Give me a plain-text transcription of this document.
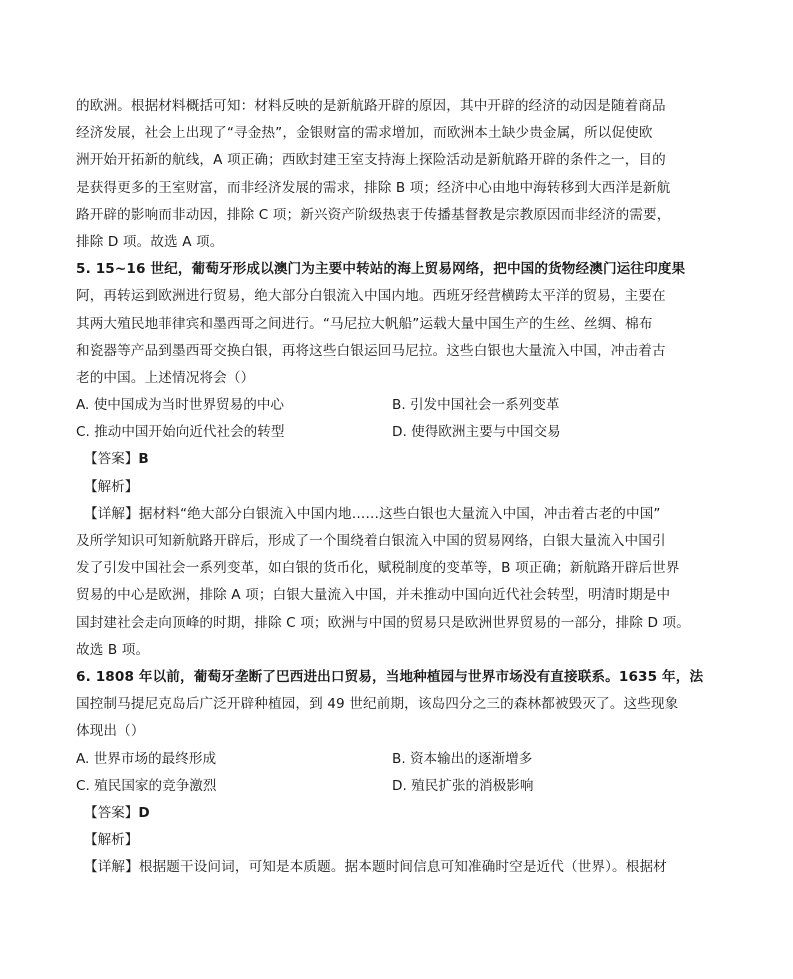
的欧洲。根据材料概括可知：材料反映的是新航路开辟的原因，其中开辟的经济的动因是随着商品
经济发展，社会上出现了“寻金热”，金银财富的需求增加，而欧洲本土缺少贵金属，所以促使欧
洲开始开拓新的航线，A 项正确；西欧封建王室支持海上探险活动是新航路开辟的条件之一，目的
是获得更多的王室财富，而非经济发展的需求，排除 B 项；经济中心由地中海转移到大西洋是新航
路开辟的影响而非动因，排除 C 项；新兴资产阶级热衷于传播基督教是宗教原因而非经济的需要，
排除 D 项。故选 A 项。
5. 15~16 世纪，葡萄牙形成以澳门为主要中转站的海上贸易网络，把中国的货物经澳门运往印度果
阿，再转运到欧洲进行贸易，绝大部分白银流入中国内地。西班牙经营横跨太平洋的贸易，主要在
其两大殖民地菲律宾和墨西哥之间进行。“马尼拉大帆船”运载大量中国生产的生丝、丝绸、棉布
和瓷器等产品到墨西哥交换白银，再将这些白银运回马尼拉。这些白银也大量流入中国，冲击着古
老的中国。上述情况将会（）
A. 使中国成为当时世界贸易的中心	B. 引发中国社会一系列变革
C. 推动中国开始向近代社会的转型	D. 使得欧洲主要与中国交易
【答案】B
【解析】
【详解】据材料“绝大部分白银流入中国内地……这些白银也大量流入中国，冲击着古老的中国”
及所学知识可知新航路开辟后，形成了一个围绕着白银流入中国的贸易网络，白银大量流入中国引
发了引发中国社会一系列变革，如白银的货币化，赋税制度的变革等，B 项正确；新航路开辟后世界
贸易的中心是欧洲，排除 A 项；白银大量流入中国，并未推动中国向近代社会转型，明清时期是中
国封建社会走向顶峰的时期，排除 C 项；欧洲与中国的贸易只是欧洲世界贸易的一部分，排除 D 项。
故选 B 项。
6. 1808 年以前，葡萄牙垄断了巴西进出口贸易，当地种植园与世界市场没有直接联系。1635 年，法
国控制马提尼克岛后广泛开辟种植园，到 49 世纪前期，该岛四分之三的森林都被毁灭了。这些现象
体现出（）
A. 世界市场的最终形成	B. 资本输出的逐渐增多
C. 殖民国家的竞争激烈	D. 殖民扩张的消极影响
【答案】D
【解析】
【详解】根据题干设问词，可知是本质题。据本题时间信息可知准确时空是近代（世界）。根据材
